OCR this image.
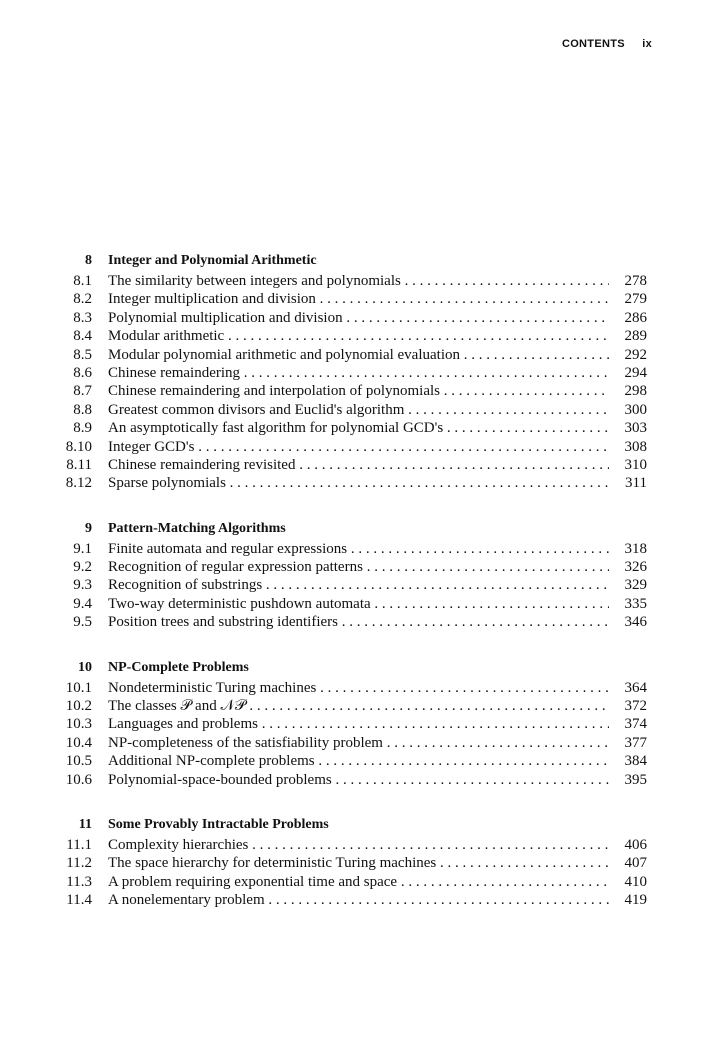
CONTENTS ix
8 Integer and Polynomial Arithmetic
8.1 The similarity between integers and polynomials . . .	278
8.2 Integer multiplication and division . . .	279
8.3 Polynomial multiplication and division . . .	286
8.4 Modular arithmetic . . .	289
8.5 Modular polynomial arithmetic and polynomial evaluation . . .	292
8.6 Chinese remaindering . . .	294
8.7 Chinese remaindering and interpolation of polynomials . . .	298
8.8 Greatest common divisors and Euclid's algorithm . . .	300
8.9 An asymptotically fast algorithm for polynomial GCD's . . .	303
8.10 Integer GCD's . . .	308
8.11 Chinese remaindering revisited . . .	310
8.12 Sparse polynomials . . .	311
9 Pattern-Matching Algorithms
9.1 Finite automata and regular expressions . . .	318
9.2 Recognition of regular expression patterns . . .	326
9.3 Recognition of substrings . . .	329
9.4 Two-way deterministic pushdown automata . . .	335
9.5 Position trees and substring identifiers . . .	346
10 NP-Complete Problems
10.1 Nondeterministic Turing machines . . .	364
10.2 The classes 𝒫 and 𝒩𝒫 . . .	372
10.3 Languages and problems . . .	374
10.4 NP-completeness of the satisfiability problem . . .	377
10.5 Additional NP-complete problems . . .	384
10.6 Polynomial-space-bounded problems . . .	395
11 Some Provably Intractable Problems
11.1 Complexity hierarchies . . .	406
11.2 The space hierarchy for deterministic Turing machines . . .	407
11.3 A problem requiring exponential time and space . . .	410
11.4 A nonelementary problem . . .	419
